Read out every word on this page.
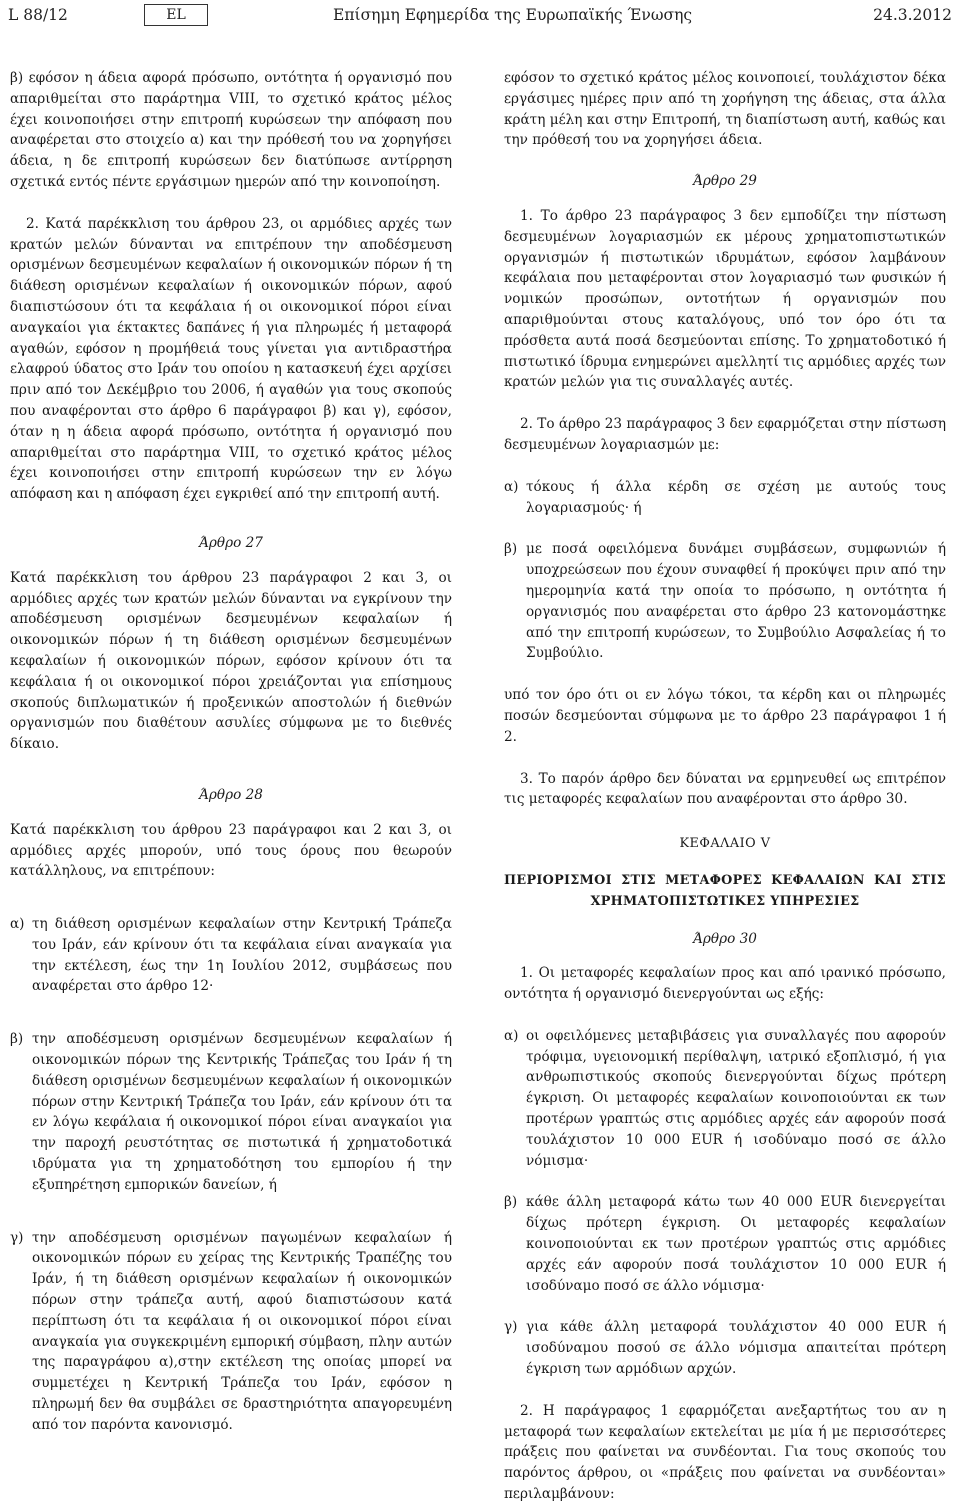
L 88/12	EL	Επίσημη Εφημερίδα της Ευρωπαϊκής Ένωσης	24.3.2012

β) εφόσον η άδεια αφορά πρόσωπο, οντότητα ή οργανισμό που απαριθμείται στο παράρτημα VIII, το σχετικό κράτος μέλος έχει κοινοποιήσει στην επιτροπή κυρώσεων την απόφαση που αναφέρεται στο στοιχείο α) και την πρόθεσή του να χορηγήσει άδεια, η δε επιτροπή κυρώσεων δεν διατύπωσε αντίρρηση σχετικά εντός πέντε εργάσιμων ημερών από την κοινοποίηση.

2. Κατά παρέκκλιση του άρθρου 23, οι αρμόδιες αρχές των κρατών μελών δύνανται να επιτρέπουν την αποδέσμευση ορισμένων δεσμευμένων κεφαλαίων ή οικονομικών πόρων ή τη διάθεση ορισμένων κεφαλαίων ή οικονομικών πόρων, αφού διαπιστώσουν ότι τα κεφάλαια ή οι οικονομικοί πόροι είναι αναγκαίοι για έκτακτες δαπάνες ή για πληρωμές ή μεταφορά αγαθών, εφόσον η προμήθειά τους γίνεται για αντιδραστήρα ελαφρού ύδατος στο Ιράν του οποίου η κατασκευή έχει αρχίσει πριν από τον Δεκέμβριο του 2006, ή αγαθών για τους σκοπούς που αναφέρονται στο άρθρο 6 παράγραφοι β) και γ), εφόσον, όταν η η άδεια αφορά πρόσωπο, οντότητα ή οργανισμό που απαριθμείται στο παράρτημα VIII, το σχετικό κράτος μέλος έχει κοινοποιήσει στην επιτροπή κυρώσεων την εν λόγω απόφαση και η απόφαση έχει εγκριθεί από την επιτροπή αυτή.

Άρθρο 27

Κατά παρέκκλιση του άρθρου 23 παράγραφοι 2 και 3, οι αρμόδιες αρχές των κρατών μελών δύνανται να εγκρίνουν την αποδέσμευση ορισμένων δεσμευμένων κεφαλαίων ή οικονομικών πόρων ή τη διάθεση ορισμένων δεσμευμένων κεφαλαίων ή οικονομικών πόρων, εφόσον κρίνουν ότι τα κεφάλαια ή οι οικονομικοί πόροι χρειάζονται για επίσημους σκοπούς διπλωματικών ή προξενικών αποστολών ή διεθνών οργανισμών που διαθέτουν ασυλίες σύμφωνα με το διεθνές δίκαιο.

Άρθρο 28

Κατά παρέκκλιση του άρθρου 23 παράγραφοι και 2 και 3, οι αρμόδιες αρχές μπορούν, υπό τους όρους που θεωρούν κατάλληλους, να επιτρέπουν:

α) τη διάθεση ορισμένων κεφαλαίων στην Κεντρική Τράπεζα του Ιράν, εάν κρίνουν ότι τα κεφάλαια είναι αναγκαία για την εκτέλεση, έως την 1η Ιουλίου 2012, συμβάσεως που αναφέρεται στο άρθρο 12·
β) την αποδέσμευση ορισμένων δεσμευμένων κεφαλαίων ή οικονομικών πόρων της Κεντρικής Τράπεζας του Ιράν ή τη διάθεση ορισμένων δεσμευμένων κεφαλαίων ή οικονομικών πόρων στην Κεντρική Τράπεζα του Ιράν, εάν κρίνουν ότι τα εν λόγω κεφάλαια ή οικονομικοί πόροι είναι αναγκαίοι για την παροχή ρευστότητας σε πιστωτικά ή χρηματοδοτικά ιδρύματα για τη χρηματοδότηση του εμπορίου ή την εξυπηρέτηση εμπορικών δανείων, ή
γ) την αποδέσμευση ορισμένων παγωμένων κεφαλαίων ή οικονομικών πόρων ευ χείρας της Κεντρικής Τραπέζης του Ιράν, ή τη διάθεση ορισμένων κεφαλαίων ή οικονομικών πόρων στην τράπεζα αυτή, αφού διαπιστώσουν κατά περίπτωση ότι τα κεφάλαια ή οι οικονομικοί πόροι είναι αναγκαία για συγκεκριμένη εμπορική σύμβαση, πλην αυτών της παραγράφου α),στην εκτέλεση της οποίας μπορεί να συμμετέχει η Κεντρική Τράπεζα του Ιράν, εφόσον η πληρωμή δεν θα συμβάλει σε δραστηριότητα απαγορευμένη από τον παρόντα κανονισμό.

εφόσον το σχετικό κράτος μέλος κοινοποιεί, τουλάχιστον δέκα εργάσιμες ημέρες πριν από τη χορήγηση της άδειας, στα άλλα κράτη μέλη και στην Επιτροπή, τη διαπίστωση αυτή, καθώς και την πρόθεσή του να χορηγήσει άδεια.

Άρθρο 29

1. Το άρθρο 23 παράγραφος 3 δεν εμποδίζει την πίστωση δεσμευμένων λογαριασμών εκ μέρους χρηματοπιστωτικών οργανισμών ή πιστωτικών ιδρυμάτων, εφόσον λαμβάνουν κεφάλαια που μεταφέρονται στον λογαριασμό των φυσικών ή νομικών προσώπων, οντοτήτων ή οργανισμών που απαριθμούνται στους καταλόγους, υπό τον όρο ότι τα πρόσθετα αυτά ποσά δεσμεύονται επίσης. Το χρηματοδοτικό ή πιστωτικό ίδρυμα ενημερώνει αμελλητί τις αρμόδιες αρχές των κρατών μελών για τις συναλλαγές αυτές.

2. Το άρθρο 23 παράγραφος 3 δεν εφαρμόζεται στην πίστωση δεσμευμένων λογαριασμών με:

α) τόκους ή άλλα κέρδη σε σχέση με αυτούς τους λογαριασμούς· ή
β) με ποσά οφειλόμενα δυνάμει συμβάσεων, συμφωνιών ή υποχρεώσεων που έχουν συναφθεί ή προκύψει πριν από την ημερομηνία κατά την οποία το πρόσωπο, η οντότητα ή οργανισμός που αναφέρεται στο άρθρο 23 κατονομάστηκε από την επιτροπή κυρώσεων, το Συμβούλιο Ασφαλείας ή το Συμβούλιο.

υπό τον όρο ότι οι εν λόγω τόκοι, τα κέρδη και οι πληρωμές ποσών δεσμεύονται σύμφωνα με το άρθρο 23 παράγραφοι 1 ή 2.

3. Το παρόν άρθρο δεν δύναται να ερμηνευθεί ως επιτρέπον τις μεταφορές κεφαλαίων που αναφέρονται στο άρθρο 30.

ΚΕΦΑΛΑΙΟ V
ΠΕΡΙΟΡΙΣΜΟΙ ΣΤΙΣ ΜΕΤΑΦΟΡΕΣ ΚΕΦΑΛΑΙΩΝ ΚΑΙ ΣΤΙΣ ΧΡΗΜΑΤΟΠΙΣΤΩΤΙΚΕΣ ΥΠΗΡΕΣΙΕΣ
Άρθρο 30

1. Οι μεταφορές κεφαλαίων προς και από ιρανικό πρόσωπο, οντότητα ή οργανισμό διενεργούνται ως εξής:

α) οι οφειλόμενες μεταβιβάσεις για συναλλαγές που αφορούν τρόφιμα, υγειονομική περίθαλψη, ιατρικό εξοπλισμό, ή για ανθρωπιστικούς σκοπούς διενεργούνται δίχως πρότερη έγκριση. Οι μεταφορές κεφαλαίων κοινοποιούνται εκ των προτέρων γραπτώς στις αρμόδιες αρχές εάν αφορούν ποσά τουλάχιστον 10 000 EUR ή ισοδύναμο ποσό σε άλλο νόμισμα·
β) κάθε άλλη μεταφορά κάτω των 40 000 EUR διενεργείται δίχως πρότερη έγκριση. Οι μεταφορές κεφαλαίων κοινοποιούνται εκ των προτέρων γραπτώς στις αρμόδιες αρχές εάν αφορούν ποσά τουλάχιστον 10 000 EUR ή ισοδύναμο ποσό σε άλλο νόμισμα·
γ) για κάθε άλλη μεταφορά τουλάχιστον 40 000 EUR ή ισοδύναμου ποσού σε άλλο νόμισμα απαιτείται πρότερη έγκριση των αρμόδιων αρχών.

2. Η παράγραφος 1 εφαρμόζεται ανεξαρτήτως του αν η μεταφορά των κεφαλαίων εκτελείται με μία ή με περισσότερες πράξεις που φαίνεται να συνδέονται. Για τους σκοπούς του παρόντος άρθρου, οι «πράξεις που φαίνεται να συνδέονται» περιλαμβάνουν:
